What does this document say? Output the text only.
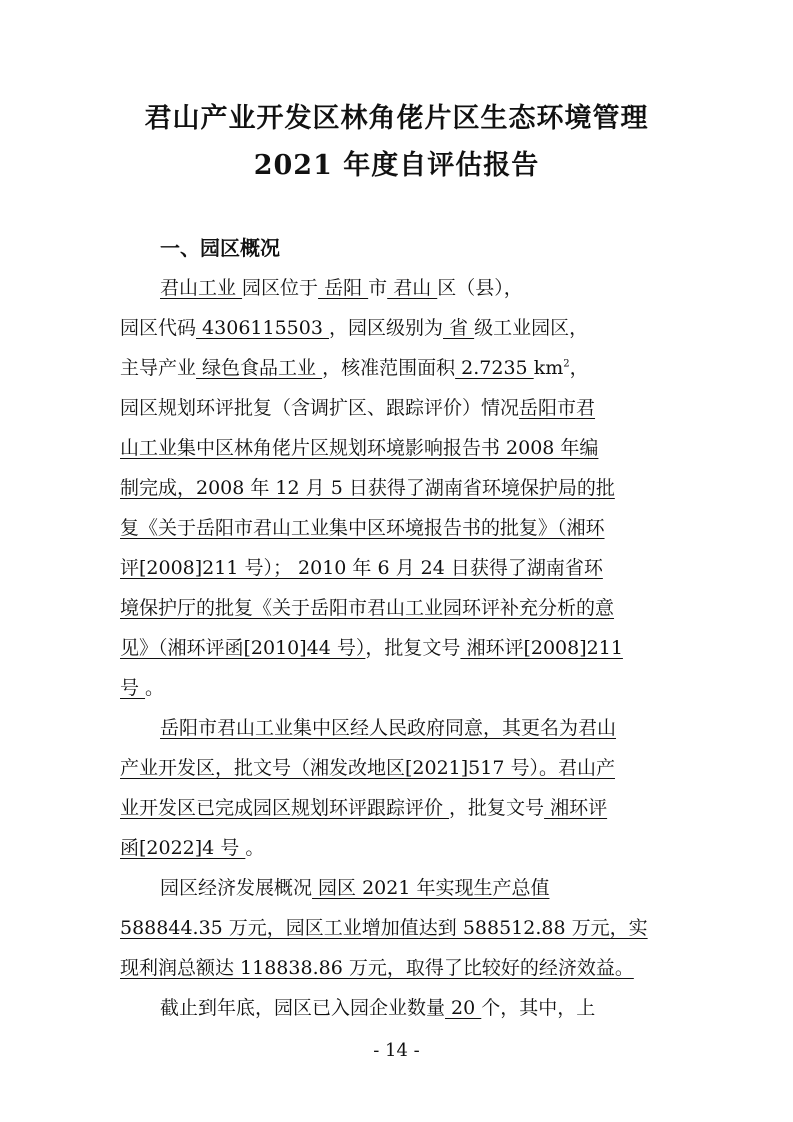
君山产业开发区林角佬片区生态环境管理
2021 年度自评估报告
一、园区概况
君山工业 园区位于 岳阳 市 君山 区（县），
园区代码 4306115503 ，园区级别为 省 级工业园区，
主导产业 绿色食品工业 ，核准范围面积 2.7235 $km^2$，
园区规划环评批复（含调扩区、跟踪评价）情况岳阳市君
山工业集中区林角佬片区规划环境影响报告书 2008 年编
制完成，2008 年 12 月 5 日获得了湖南省环境保护局的批
复《关于岳阳市君山工业集中区环境报告书的批复》（湘环
评[2008]211 号）； 2010 年 6 月 24 日获得了湖南省环
境保护厅的批复《关于岳阳市君山工业园环评补充分析的意
见》（湘环评函[2010]44 号），批复文号 湘环评[2008]211
号 。
岳阳市君山工业集中区经人民政府同意，其更名为君山
产业开发区，批文号（湘发改地区[2021]517 号）。君山产
业开发区已完成园区规划环评跟踪评价 ，批复文号 湘环评
函[2022]4 号 。
园区经济发展概况 园区 2021 年实现生产总值
588844.35 万元，园区工业增加值达到 588512.88 万元，实
现利润总额达 118838.86 万元，取得了比较好的经济效益。
截止到年底，园区已入园企业数量 20 个，其中，上
- 14 -
